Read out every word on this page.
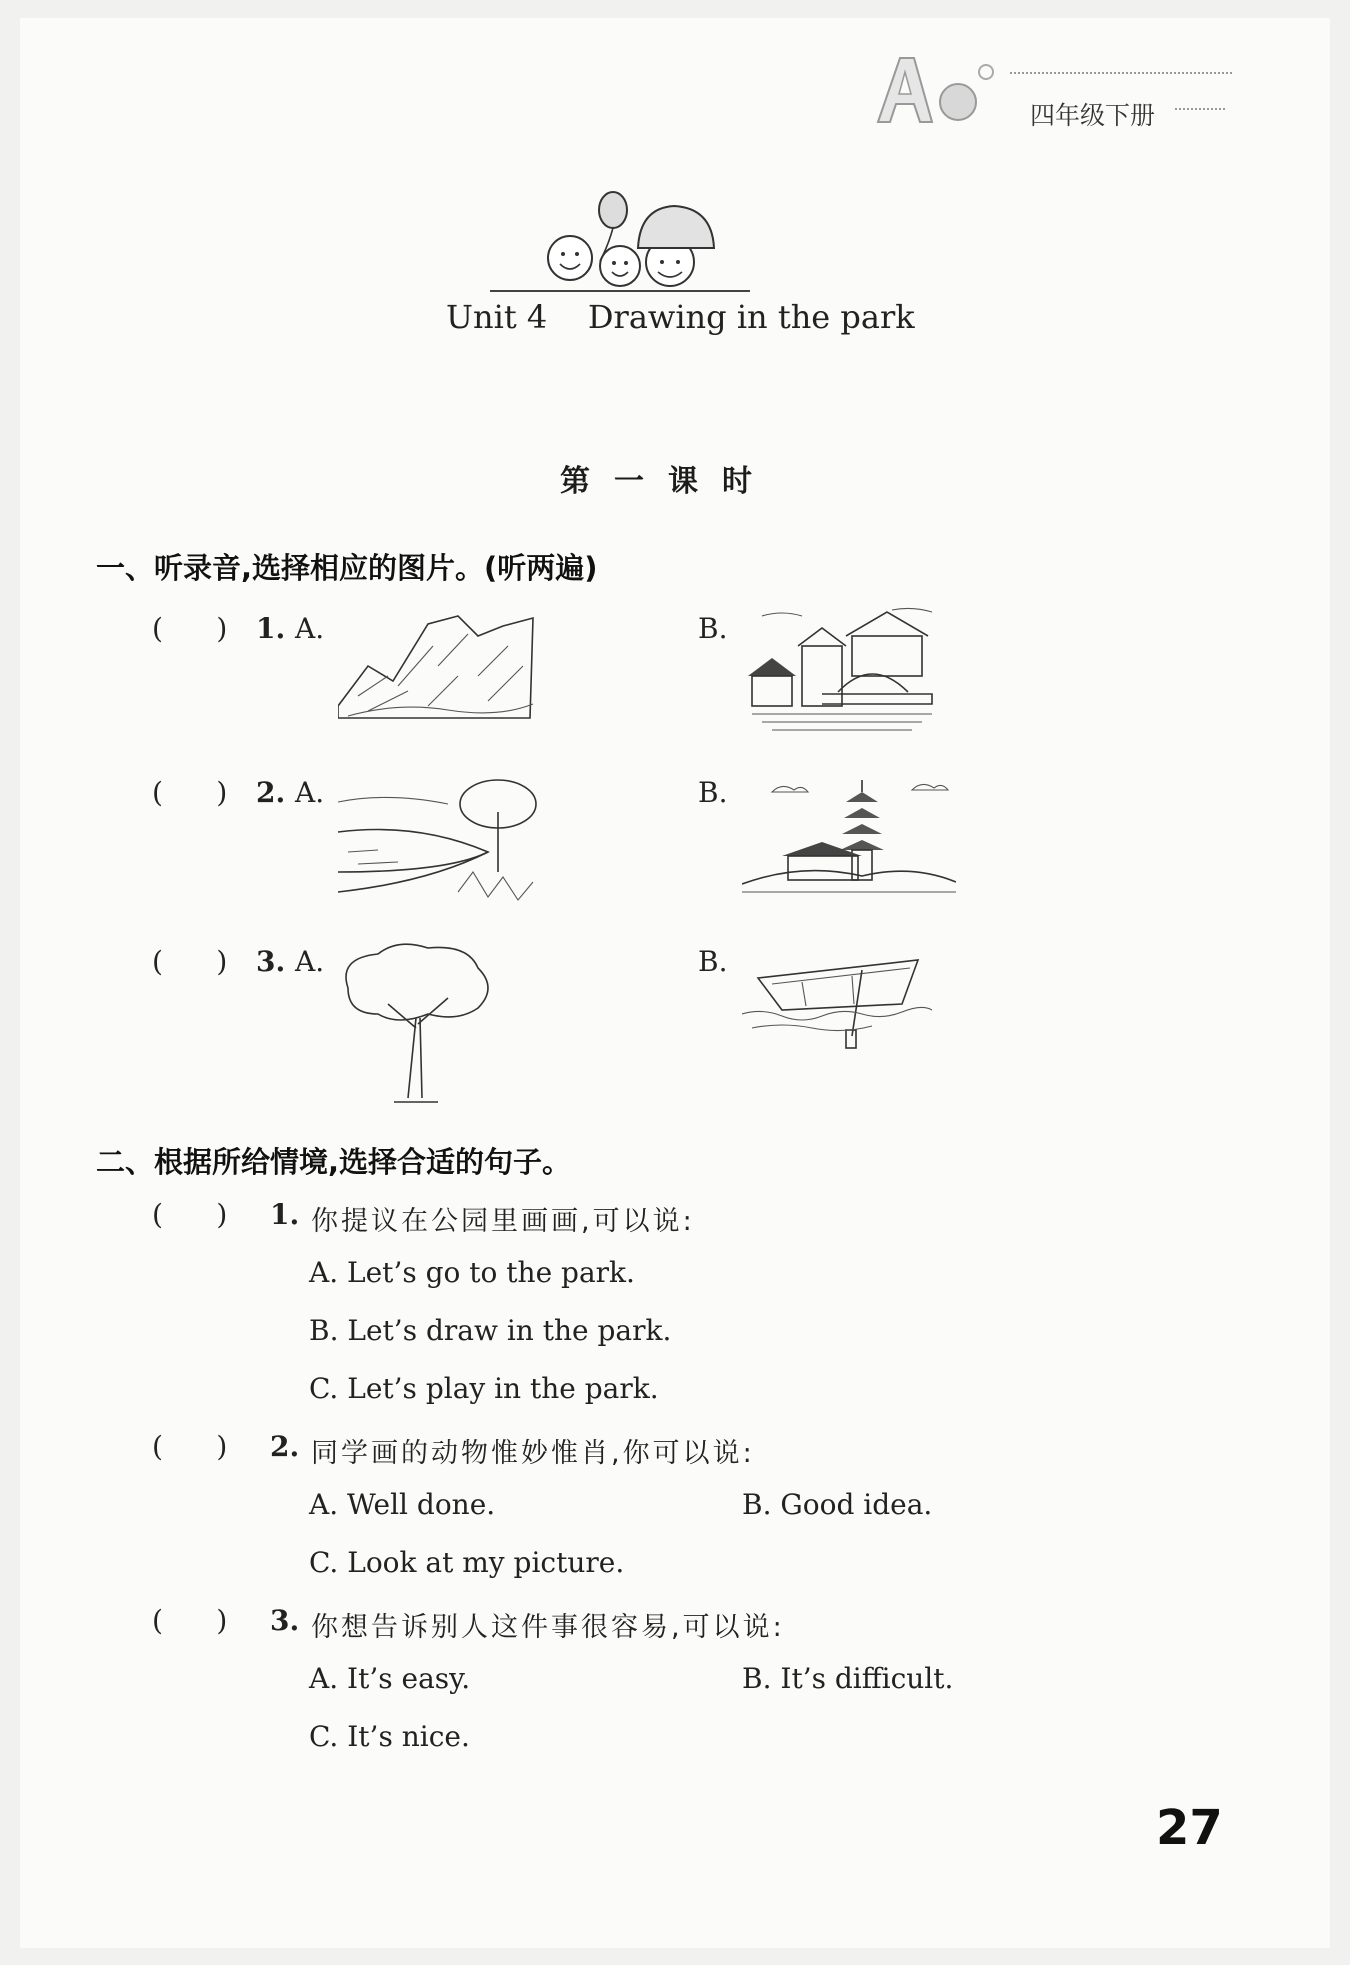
四年级下册
Unit 4    Drawing in the park
第一课时
一、听录音,选择相应的图片。(听两遍)
(      ) 1. A.	B.
(      ) 2. A.	B.
(      ) 3. A.	B.
二、根据所给情境,选择合适的句子。
(      ) 1. 你提议在公园里画画,可以说:
A. Let’s go to the park.
B. Let’s draw in the park.
C. Let’s play in the park.
(      ) 2. 同学画的动物惟妙惟肖,你可以说:
A. Well done.	B. Good idea.
C. Look at my picture.
(      ) 3. 你想告诉别人这件事很容易,可以说:
A. It’s easy.	B. It’s difficult.
C. It’s nice.
27
